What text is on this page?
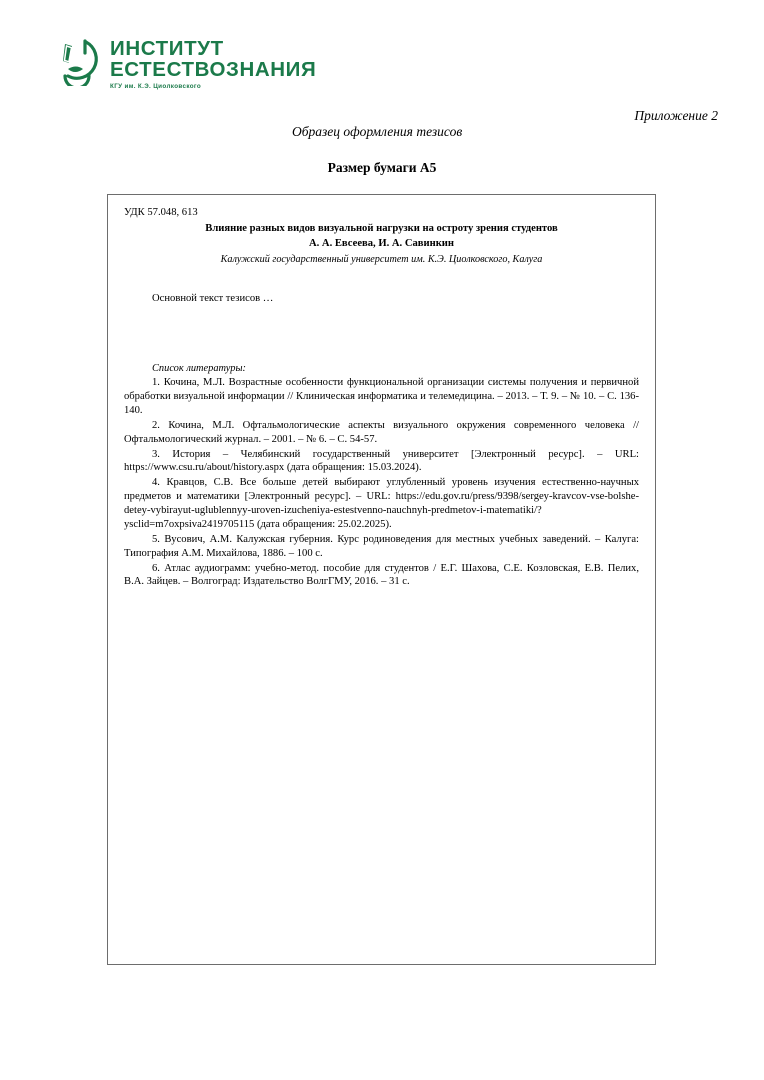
ИНСТИТУТ
ЕСТЕСТВОЗНАНИЯ
КГУ им. К.Э. Циолковского
Приложение 2
Образец оформления тезисов
Размер бумаги А5
УДК 57.048, 613
Влияние разных видов визуальной нагрузки на остроту зрения студентов
А. А. Евсеева, И. А. Савинкин
Калужский государственный университет им. К.Э. Циолковского, Калуга
Основной текст тезисов …
Список литературы:
1. Кочина, М.Л. Возрастные особенности функциональной организации системы получения и первичной обработки визуальной информации // Клиническая информатика и телемедицина. – 2013. – Т. 9. – № 10. – С. 136-140.
2. Кочина, М.Л. Офтальмологические аспекты визуального окружения современного человека // Офтальмологический журнал. – 2001. – № 6. – С. 54-57.
3. История – Челябинский государственный университет [Электронный ресурс]. – URL: https://www.csu.ru/about/history.aspx (дата обращения: 15.03.2024).
4. Кравцов, С.В. Все больше детей выбирают углубленный уровень изучения естественно-научных предметов и математики [Электронный ресурс]. – URL: https://edu.gov.ru/press/9398/sergey-kravcov-vse-bolshe-detey-vybirayut-uglublennyy-uroven-izucheniya-estestvenno-nauchnyh-predmetov-i-matematiki/?ysclid=m7oxpsiva2419705115 (дата обращения: 25.02.2025).
5. Вусович, А.М. Калужская губерния. Курс родиноведения для местных учебных заведений. – Калуга: Типография А.М. Михайлова, 1886. – 100 с.
6. Атлас аудиограмм: учебно-метод. пособие для студентов / Е.Г. Шахова, С.Е. Козловская, Е.В. Пелих, В.А. Зайцев. – Волгоград: Издательство ВолгГМУ, 2016. – 31 с.
